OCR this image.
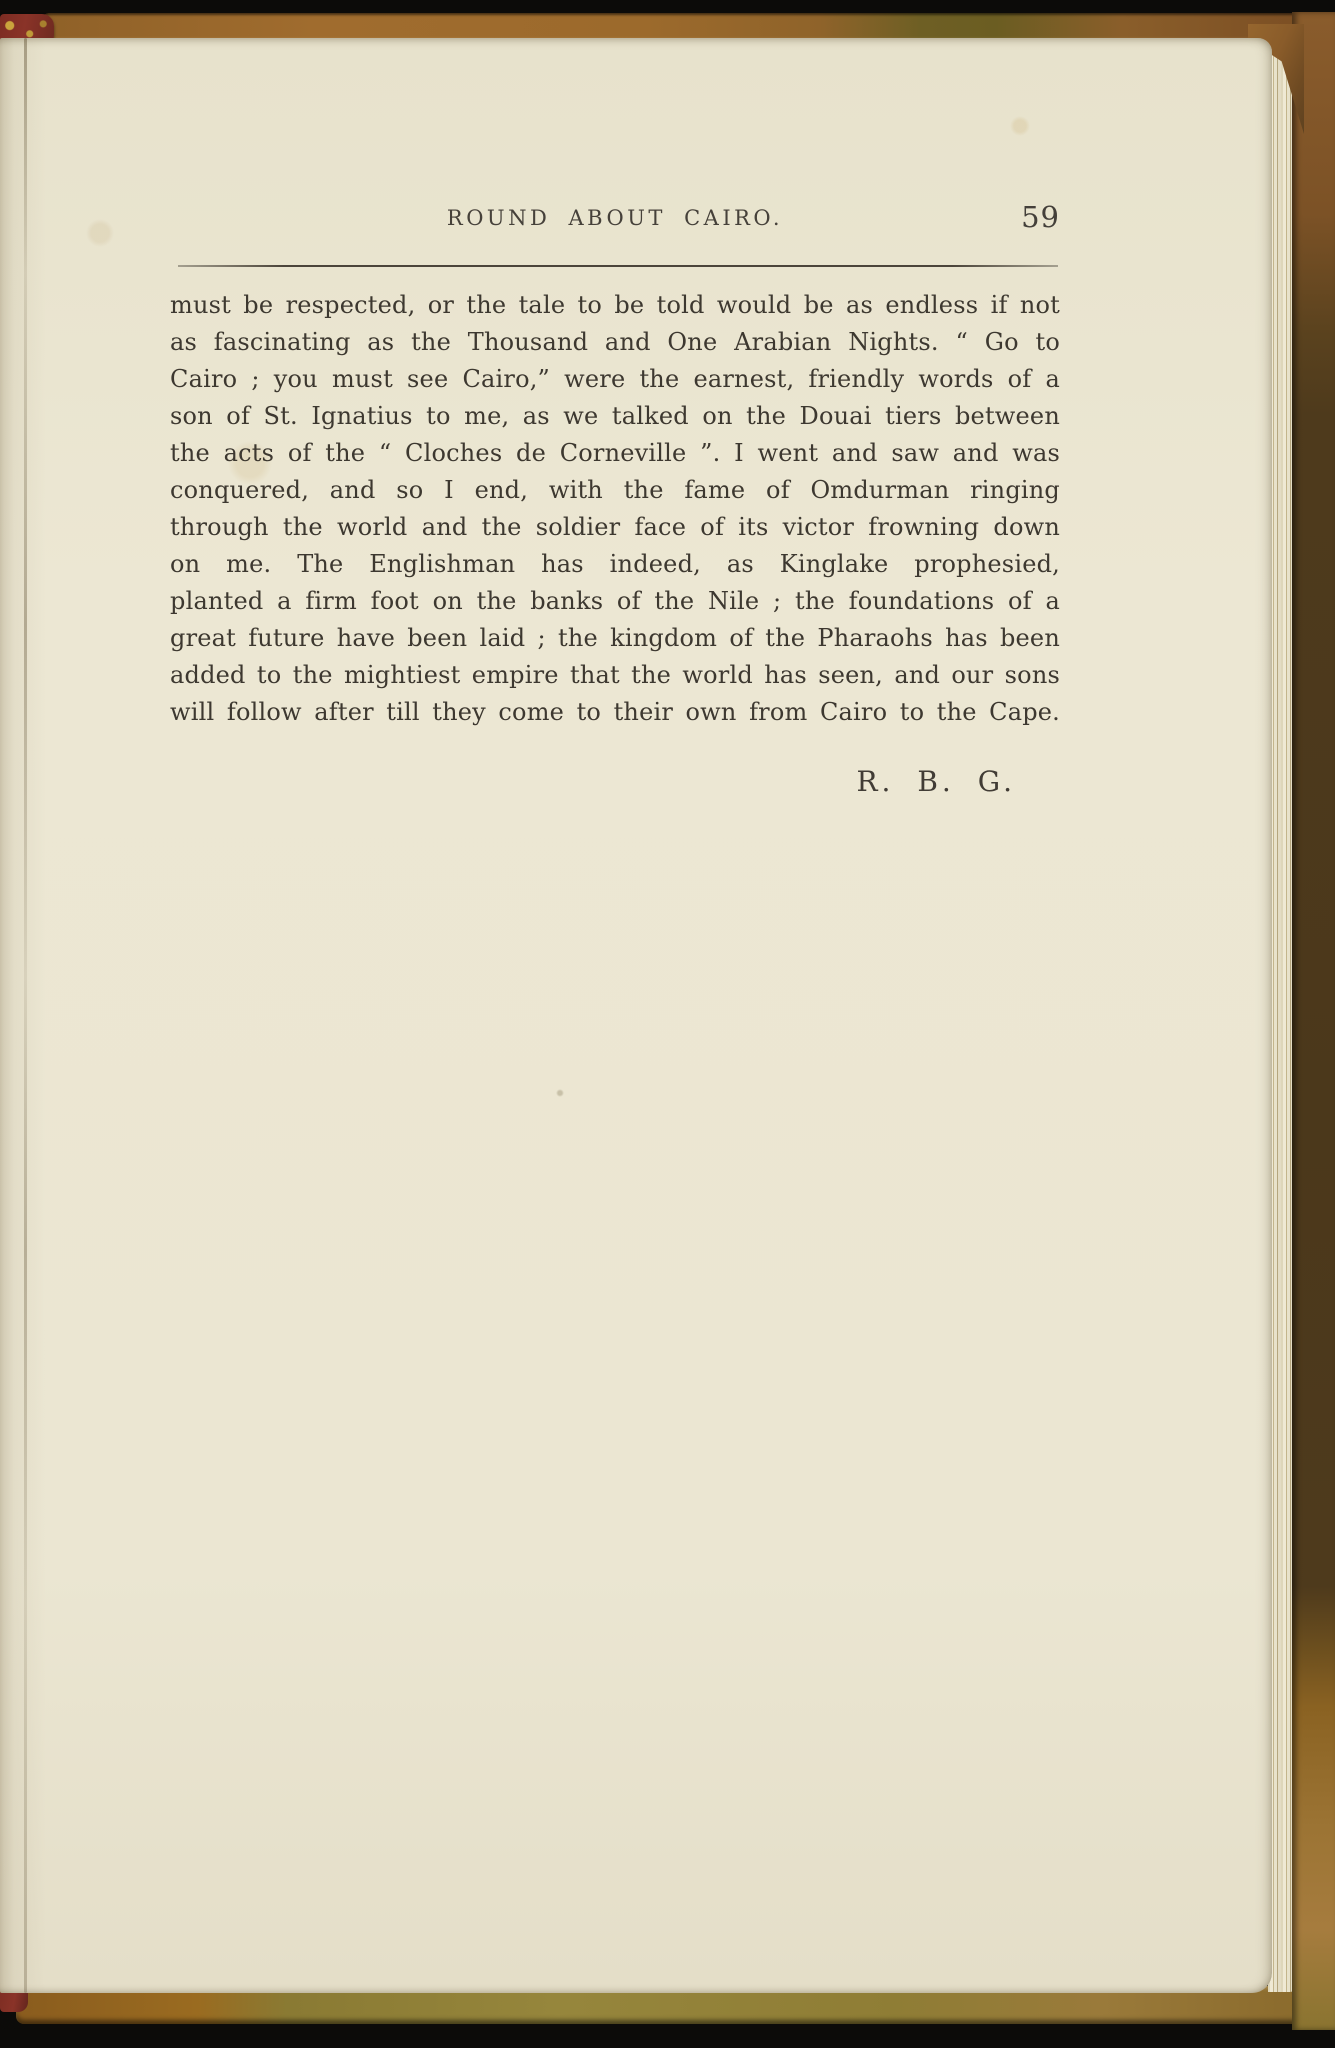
ROUND ABOUT CAIRO.	59
must be respected, or the tale to be told would be as endless if not
as fascinating as the Thousand and One Arabian Nights. “ Go to
Cairo ; you must see Cairo,” were the earnest, friendly words of a
son of St. Ignatius to me, as we talked on the Douai tiers between
the acts of the “ Cloches de Corneville ”. I went and saw and was
conquered, and so I end, with the fame of Omdurman ringing
through the world and the soldier face of its victor frowning down
on me. The Englishman has indeed, as Kinglake prophesied,
planted a firm foot on the banks of the Nile ; the foundations of a
great future have been laid ; the kingdom of the Pharaohs has been
added to the mightiest empire that the world has seen, and our sons
will follow after till they come to their own from Cairo to the Cape.
R. B. G.
